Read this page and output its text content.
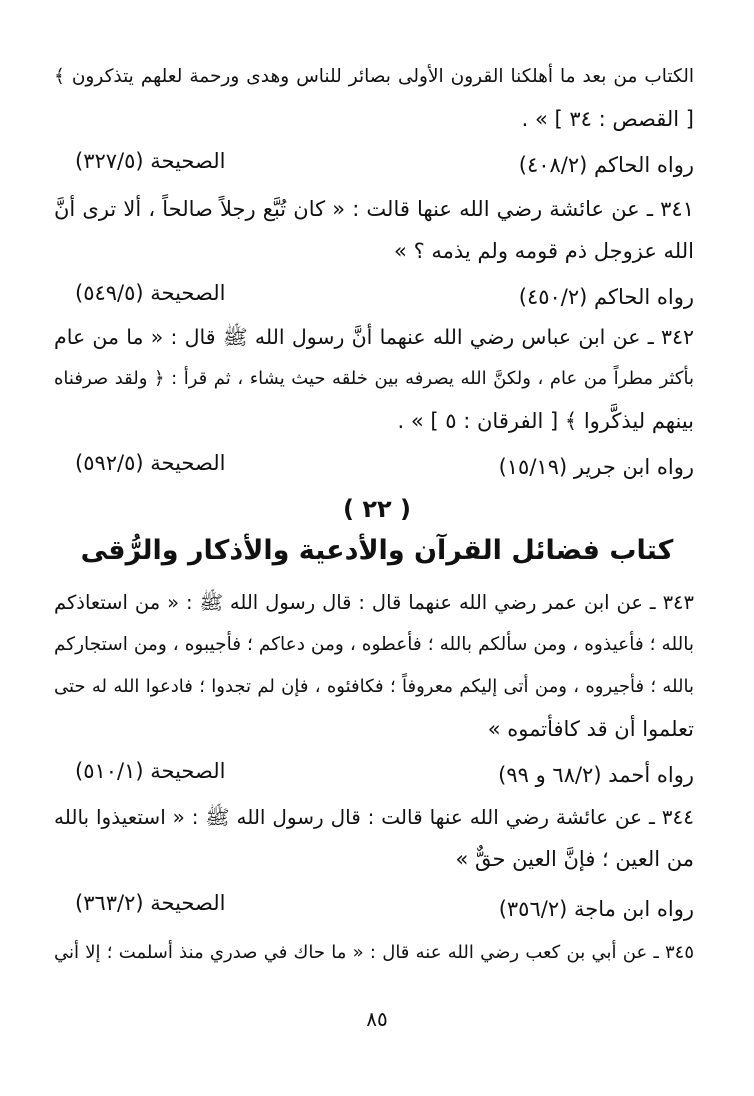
الكتاب من بعد ما أهلكنا القرون الأولى بصائر للناس وهدى ورحمة لعلهم يتذكرون ﴾
[ القصص : ٣٤ ] » .
رواه الحاكم (٤٠٨/٢)
الصحيحة (٣٢٧/٥)
٣٤١ ـ عن عائشة رضي الله عنها قالت : « كان تُبَّع رجلاً صالحاً ، ألا ترى أنَّ
الله عزوجل ذم قومه ولم يذمه ؟ »
رواه الحاكم (٤٥٠/٢)
الصحيحة (٥٤٩/٥)
٣٤٢ ـ عن ابن عباس رضي الله عنهما أنَّ رسول الله ﷺ قال : « ما من عام
بأكثر مطراً من عام ، ولكنَّ الله يصرفه بين خلقه حيث يشاء ، ثم قرأ : ﴿ ولقد صرفناه
بينهم ليذكَّروا ﴾ [ الفرقان : ٥ ] » .
رواه ابن جرير (١٥/١٩)
الصحيحة (٥٩٢/٥)
( ٢٢ )
كتاب فضائل القرآن والأدعية والأذكار والرُّقى
٣٤٣ ـ عن ابن عمر رضي الله عنهما قال : قال رسول الله ﷺ : « من استعاذكم
بالله ؛ فأعيذوه ، ومن سألكم بالله ؛ فأعطوه ، ومن دعاكم ؛ فأجيبوه ، ومن استجاركم
بالله ؛ فأجيروه ، ومن أتى إليكم معروفاً ؛ فكافئوه ، فإن لم تجدوا ؛ فادعوا الله له حتى
تعلموا أن قد كافأتموه »
رواه أحمد (٦٨/٢ و ٩٩)
الصحيحة (٥١٠/١)
٣٤٤ ـ عن عائشة رضي الله عنها قالت : قال رسول الله ﷺ : « استعيذوا بالله
من العين ؛ فإنَّ العين حقٌّ »
رواه ابن ماجة (٣٥٦/٢)
الصحيحة (٣٦٣/٢)
٣٤٥ ـ عن أبي بن كعب رضي الله عنه قال : « ما حاك في صدري منذ أسلمت ؛ إلا أني
٨٥
